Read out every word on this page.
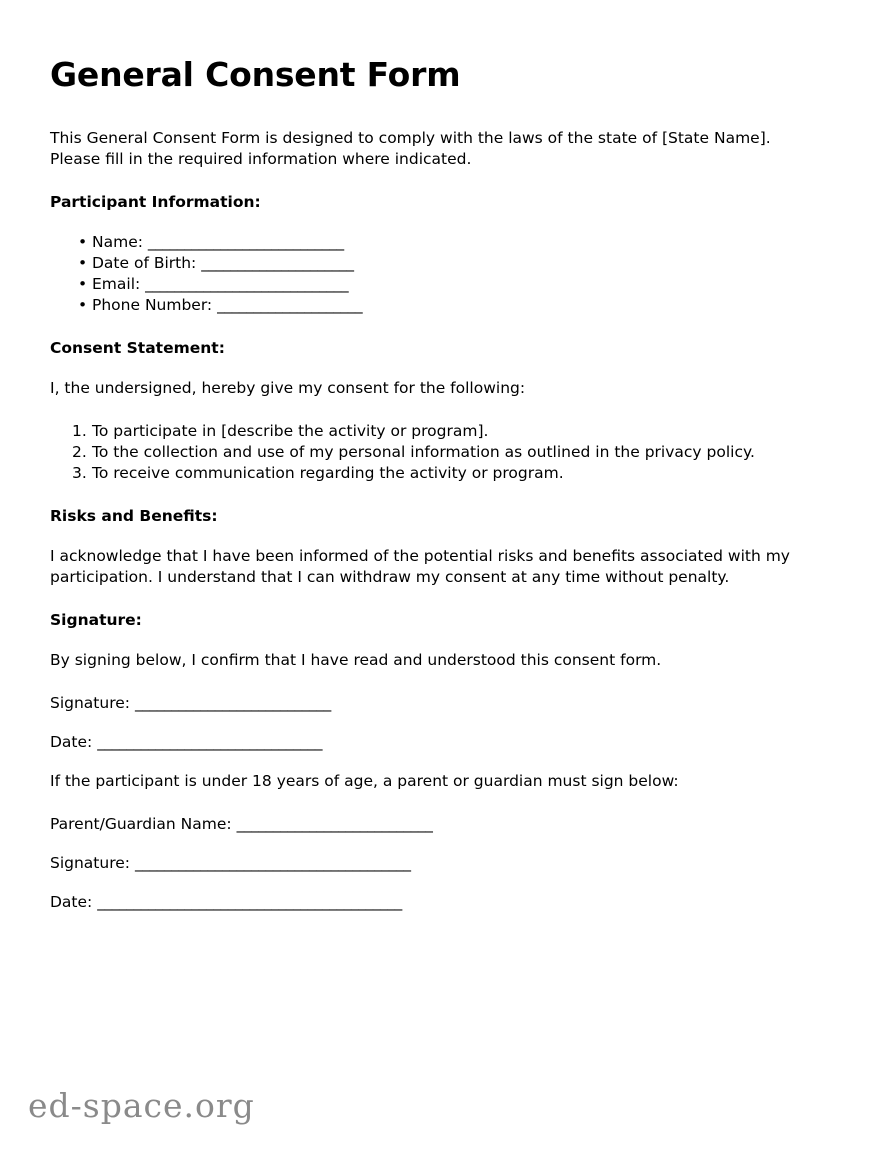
General Consent Form

This General Consent Form is designed to comply with the laws of the state of [State Name]. Please fill in the required information where indicated.

Participant Information:
• Name: ___________________________
• Date of Birth: _____________________
• Email: ____________________________
• Phone Number: ____________________
Consent Statement:

I, the undersigned, hereby give my consent for the following:

To participate in [describe the activity or program].
To the collection and use of my personal information as outlined in the privacy policy.
To receive communication regarding the activity or program.
Risks and Benefits:

I acknowledge that I have been informed of the potential risks and benefits associated with my participation. I understand that I can withdraw my consent at any time without penalty.

Signature:

By signing below, I confirm that I have read and understood this consent form.

Signature: ___________________________
Date: _______________________________

If the participant is under 18 years of age, a parent or guardian must sign below:

Parent/Guardian Name: ___________________________
Signature: ______________________________________
Date: __________________________________________
ed-space.org
